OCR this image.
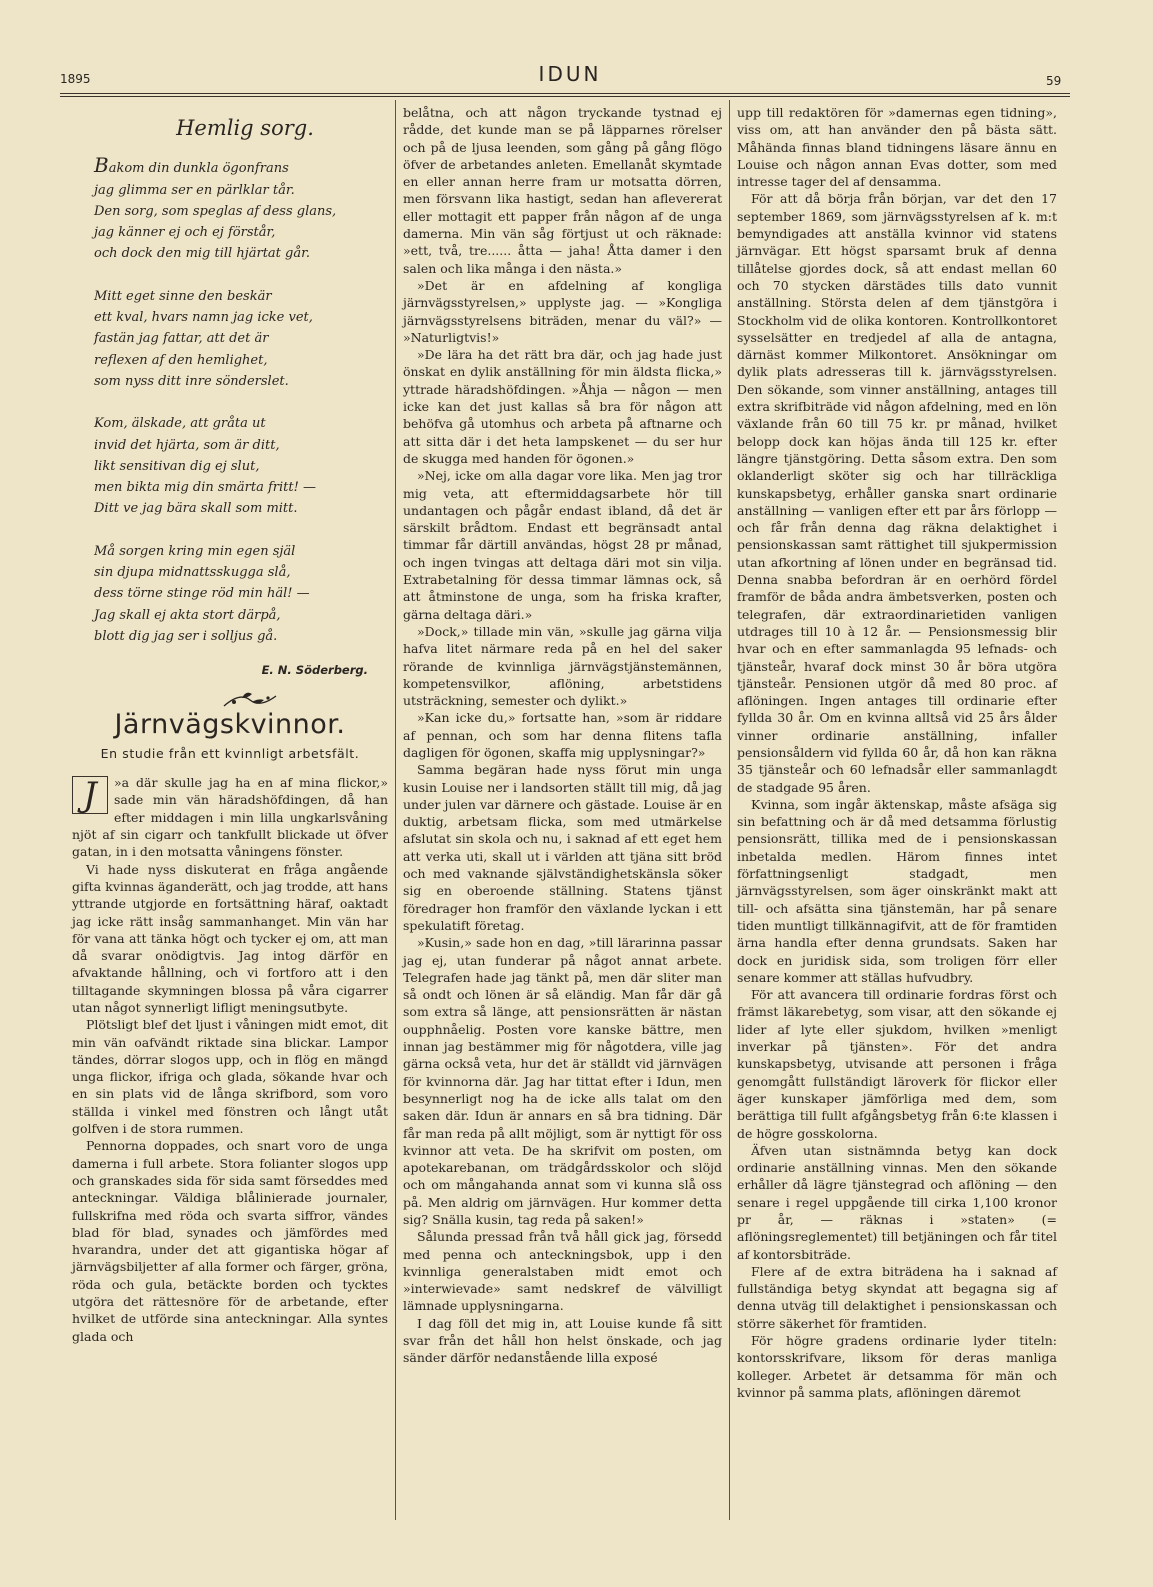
1895	IDUN	59
Hemlig sorg.
Bakom din dunkla ögonfrans
jag glimma ser en pärlklar tår.
Den sorg, som speglas af dess glans,
jag känner ej och ej förstår,
och dock den mig till hjärtat går.
Mitt eget sinne den beskär
ett kval, hvars namn jag icke vet,
fastän jag fattar, att det är
reflexen af den hemlighet,
som nyss ditt inre sönderslet.
Kom, älskade, att gråta ut
invid det hjärta, som är ditt,
likt sensitivan dig ej slut,
men bikta mig din smärta fritt! —
Ditt ve jag bära skall som mitt.
Må sorgen kring min egen själ
sin djupa midnattsskugga slå,
dess törne stinge röd min häl! —
Jag skall ej akta stort därpå,
blott dig jag ser i solljus gå.
E. N. Söderberg.
Järnvägskvinnor.
En studie från ett kvinnligt arbetsfält.

J	»a där skulle jag ha en af mina flickor,» sade min vän häradshöfdingen, då han efter middagen i min lilla ungkarlsvåning njöt af sin cigarr och tankfullt blickade ut öfver gatan, in i den motsatta våningens fönster.

Vi hade nyss diskuterat en fråga angående gifta kvinnas äganderätt, och jag trodde, att hans yttrande utgjorde en fortsättning häraf, oaktadt jag icke rätt insåg sammanhanget. Min vän har för vana att tänka högt och tycker ej om, att man då svarar onödigtvis. Jag intog därför en afvaktande hållning, och vi fortforo att i den tilltagande skymningen blossa på våra cigarrer utan något synnerligt lifligt meningsutbyte.

Plötsligt blef det ljust i våningen midt emot, dit min vän oafvändt riktade sina blickar. Lampor tändes, dörrar slogos upp, och in flög en mängd unga flickor, ifriga och glada, sökande hvar och en sin plats vid de långa skrifbord, som voro ställda i vinkel med fönstren och långt utåt golfven i de stora rummen.

Pennorna doppades, och snart voro de unga damerna i full arbete. Stora folianter slogos upp och granskades sida för sida samt förseddes med anteckningar. Väldiga blålinierade journaler, fullskrifna med röda och svarta siffror, vändes blad för blad, synades och jämfördes med hvarandra, under det att gigantiska högar af järnvägsbiljetter af alla former och färger, gröna, röda och gula, betäckte borden och tycktes utgöra det rättesnöre för de arbetande, efter hvilket de utförde sina anteckningar. Alla syntes glada och

belåtna, och att någon tryckande tystnad ej rådde, det kunde man se på läpparnes rörelser och på de ljusa leenden, som gång på gång flögo öfver de arbetandes anleten. Emellanåt skymtade en eller annan herre fram ur motsatta dörren, men försvann lika hastigt, sedan han aflevererat eller mottagit ett papper från någon af de unga damerna. Min vän såg förtjust ut och räknade: »ett, två, tre...... åtta — jaha! Åtta damer i den salen och lika många i den nästa.»

»Det är en afdelning af kongliga järnvägsstyrelsen,» upplyste jag. — »Kongliga järnvägsstyrelsens biträden, menar du väl?» — »Naturligtvis!»

»De lära ha det rätt bra där, och jag hade just önskat en dylik anställning för min äldsta flicka,» yttrade häradshöfdingen. »Åhja — någon — men icke kan det just kallas så bra för någon att behöfva gå utomhus och arbeta på aftnarne och att sitta där i det heta lampskenet — du ser hur de skugga med handen för ögonen.»

»Nej, icke om alla dagar vore lika. Men jag tror mig veta, att eftermiddagsarbete hör till undantagen och pågår endast ibland, då det är särskilt brådtom. Endast ett begränsadt antal timmar får därtill användas, högst 28 pr månad, och ingen tvingas att deltaga däri mot sin vilja. Extrabetalning för dessa timmar lämnas ock, så att åtminstone de unga, som ha friska krafter, gärna deltaga däri.»

»Dock,» tillade min vän, »skulle jag gärna vilja hafva litet närmare reda på en hel del saker rörande de kvinnliga järnvägstjänstemännen, kompetensvilkor, aflöning, arbetstidens utsträckning, semester och dylikt.»

»Kan icke du,» fortsatte han, »som är riddare af pennan, och som har denna flitens tafla dagligen för ögonen, skaffa mig upplysningar?»

Samma begäran hade nyss förut min unga kusin Louise ner i landsorten ställt till mig, då jag under julen var därnere och gästade. Louise är en duktig, arbetsam flicka, som med utmärkelse afslutat sin skola och nu, i saknad af ett eget hem att verka uti, skall ut i världen att tjäna sitt bröd och med vaknande självständighetskänsla söker sig en oberoende ställning. Statens tjänst föredrager hon framför den växlande lyckan i ett spekulatift företag.

»Kusin,» sade hon en dag, »till lärarinna passar jag ej, utan funderar på något annat arbete. Telegrafen hade jag tänkt på, men där sliter man så ondt och lönen är så eländig. Man får där gå som extra så länge, att pensionsrätten är nästan oupphnåelig. Posten vore kanske bättre, men innan jag bestämmer mig för någotdera, ville jag gärna också veta, hur det är ställdt vid järnvägen för kvinnorna där. Jag har tittat efter i Idun, men besynnerligt nog ha de icke alls talat om den saken där. Idun är annars en så bra tidning. Där får man reda på allt möjligt, som är nyttigt för oss kvinnor att veta. De ha skrifvit om posten, om apotekarebanan, om trädgårdsskolor och slöjd och om mångahanda annat som vi kunna slå oss på. Men aldrig om järnvägen. Hur kommer detta sig? Snälla kusin, tag reda på saken!»

Sålunda pressad från två håll gick jag, försedd med penna och anteckningsbok, upp i den kvinnliga generalstaben midt emot och »interwievade» samt nedskref de välvilligt lämnade upplysningarna.

I dag föll det mig in, att Louise kunde få sitt svar från det håll hon helst önskade, och jag sänder därför nedanstående lilla exposé

upp till redaktören för »damernas egen tidning», viss om, att han använder den på bästa sätt. Måhända finnas bland tidningens läsare ännu en Louise och någon annan Evas dotter, som med intresse tager del af densamma.

För att då börja från början, var det den 17 september 1869, som järnvägsstyrelsen af k. m:t bemyndigades att anställa kvinnor vid statens järnvägar. Ett högst sparsamt bruk af denna tillåtelse gjordes dock, så att endast mellan 60 och 70 stycken därstädes tills dato vunnit anställning. Största delen af dem tjänstgöra i Stockholm vid de olika kontoren. Kontrollkontoret sysselsätter en tredjedel af alla de antagna, därnäst kommer Milkontoret. Ansökningar om dylik plats adresseras till k. järnvägsstyrelsen. Den sökande, som vinner anställning, antages till extra skrifbiträde vid någon afdelning, med en lön växlande från 60 till 75 kr. pr månad, hvilket belopp dock kan höjas ända till 125 kr. efter längre tjänstgöring. Detta såsom extra. Den som oklanderligt sköter sig och har tillräckliga kunskapsbetyg, erhåller ganska snart ordinarie anställning — vanligen efter ett par års förlopp — och får från denna dag räkna delaktighet i pensionskassan samt rättighet till sjukpermission utan afkortning af lönen under en begränsad tid. Denna snabba befordran är en oerhörd fördel framför de båda andra ämbetsverken, posten och telegrafen, där extraordinarietiden vanligen utdrages till 10 à 12 år. — Pensionsmessig blir hvar och en efter sammanlagda 95 lefnads- och tjänsteår, hvaraf dock minst 30 år böra utgöra tjänsteår. Pensionen utgör då med 80 proc. af aflöningen. Ingen antages till ordinarie efter fyllda 30 år. Om en kvinna alltså vid 25 års ålder vinner ordinarie anställning, infaller pensionsåldern vid fyllda 60 år, då hon kan räkna 35 tjänsteår och 60 lefnadsår eller sammanlagdt de stadgade 95 åren.

Kvinna, som ingår äktenskap, måste afsäga sig sin befattning och är då med detsamma förlustig pensionsrätt, tillika med de i pensionskassan inbetalda medlen. Härom finnes intet författningsenligt stadgadt, men järnvägsstyrelsen, som äger oinskränkt makt att till- och afsätta sina tjänstemän, har på senare tiden muntligt tillkännagifvit, att de för framtiden ärna handla efter denna grundsats. Saken har dock en juridisk sida, som troligen förr eller senare kommer att ställas hufvudbry.

För att avancera till ordinarie fordras först och främst läkarebetyg, som visar, att den sökande ej lider af lyte eller sjukdom, hvilken »menligt inverkar på tjänsten». För det andra kunskapsbetyg, utvisande att personen i fråga genomgått fullständigt läroverk för flickor eller äger kunskaper jämförliga med dem, som berättiga till fullt afgångsbetyg från 6:te klassen i de högre gosskolorna.

Äfven utan sistnämnda betyg kan dock ordinarie anställning vinnas. Men den sökande erhåller då lägre tjänstegrad och aflöning — den senare i regel uppgående till cirka 1,100 kronor pr år, — räknas i »staten» (= aflöningsreglementet) till betjäningen och får titel af kontorsbiträde.

Flere af de extra biträdena ha i saknad af fullständiga betyg skyndat att begagna sig af denna utväg till delaktighet i pensionskassan och större säkerhet för framtiden.

För högre gradens ordinarie lyder titeln: kontorsskrifvare, liksom för deras manliga kolleger. Arbetet är detsamma för män och kvinnor på samma plats, aflöningen däremot
